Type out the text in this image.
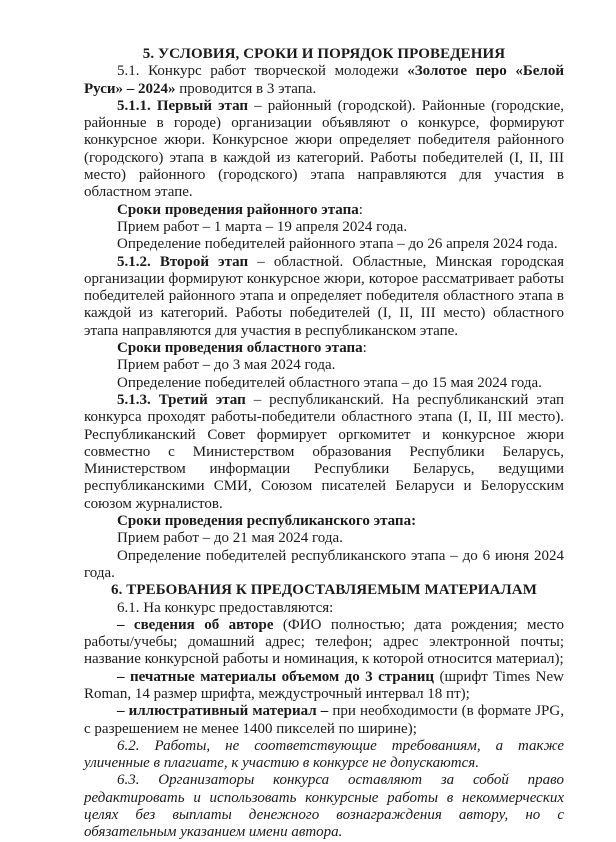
5. УСЛОВИЯ, СРОКИ И ПОРЯДОК ПРОВЕДЕНИЯ

5.1. Конкурс работ творческой молодежи «Золотое перо «Белой Руси» – 2024» проводится в 3 этапа.

5.1.1. Первый этап – районный (городской). Районные (городские, районные в городе) организации объявляют о конкурсе, формируют конкурсное жюри. Конкурсное жюри определяет победителя районного (городского) этапа в каждой из категорий. Работы победителей (I, II, III место) районного (городского) этапа направляются для участия в областном этапе.

Сроки проведения районного этапа:

Прием работ – 1 марта – 19 апреля 2024 года.

Определение победителей районного этапа – до 26 апреля 2024 года.

5.1.2. Второй этап – областной. Областные, Минская городская организации формируют конкурсное жюри, которое рассматривает работы победителей районного этапа и определяет победителя областного этапа в каждой из категорий. Работы победителей (I, II, III место) областного этапа направляются для участия в республиканском этапе.

Сроки проведения областного этапа:

Прием работ – до 3 мая 2024 года.

Определение победителей областного этапа – до 15 мая 2024 года.

5.1.3. Третий этап – республиканский. На республиканский этап конкурса проходят работы-победители областного этапа (I, II, III место). Республиканский Совет формирует оргкомитет и конкурсное жюри совместно с Министерством образования Республики Беларусь, Министерством информации Республики Беларусь, ведущими республиканскими СМИ, Союзом писателей Беларуси и Белорусским союзом журналистов.

Сроки проведения республиканского этапа:

Прием работ – до 21 мая 2024 года.

Определение победителей республиканского этапа – до 6 июня 2024 года.

6. ТРЕБОВАНИЯ К ПРЕДОСТАВЛЯЕМЫМ МАТЕРИАЛАМ

6.1. На конкурс предоставляются:

– сведения об авторе (ФИО полностью; дата рождения; место работы/учебы; домашний адрес; телефон; адрес электронной почты; название конкурсной работы и номинация, к которой относится материал);

– печатные материалы объемом до 3 страниц (шрифт Times New Roman, 14 размер шрифта, междустрочный интервал 18 пт);

– иллюстративный материал – при необходимости (в формате JPG, с разрешением не менее 1400 пикселей по ширине);

6.2. Работы, не соответствующие требованиям, а также уличенные в плагиате, к участию в конкурсе не допускаются.

6.3. Организаторы конкурса оставляют за собой право редактировать и использовать конкурсные работы в некоммерческих целях без выплаты денежного вознаграждения автору, но с обязательным указанием имени автора.
